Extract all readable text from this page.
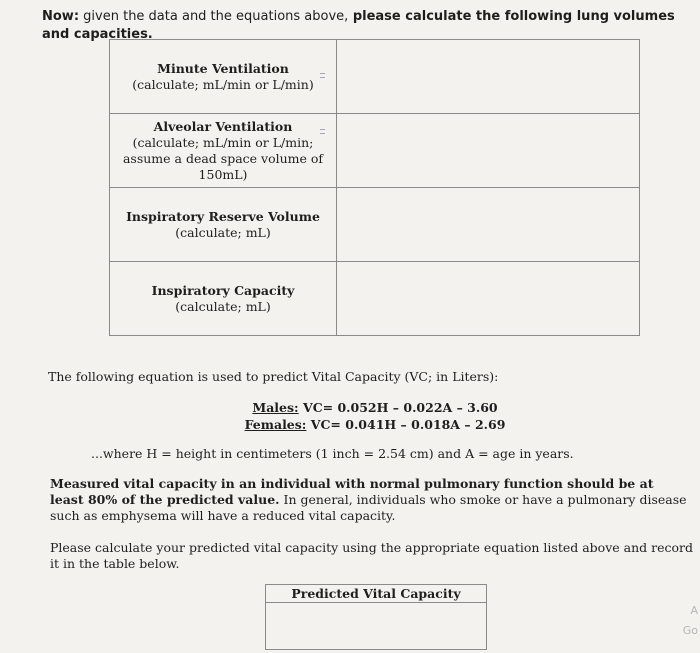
Now: given the data and the equations above, please calculate the following lung volumes and capacities.
Minute Ventilation
(calculate; mL/min or L/min)	

Alveolar Ventilation
(calculate; mL/min or L/min;
assume a dead space volume of
150mL)	

Inspiratory Reserve Volume
(calculate; mL)	

Inspiratory Capacity
(calculate; mL)	

The following equation is used to predict Vital Capacity (VC; in Liters):
Males: VC= 0.052H – 0.022A – 3.60
Females: VC= 0.041H – 0.018A – 2.69
...where H = height in centimeters (1 inch = 2.54 cm) and A = age in years.
Measured vital capacity in an individual with normal pulmonary function should be at least 80% of the predicted value. In general, individuals who smoke or have a pulmonary disease such as emphysema will have a reduced vital capacity.
Please calculate your predicted vital capacity using the appropriate equation listed above and record it in the table below.
Predicted Vital Capacity
A
Go
